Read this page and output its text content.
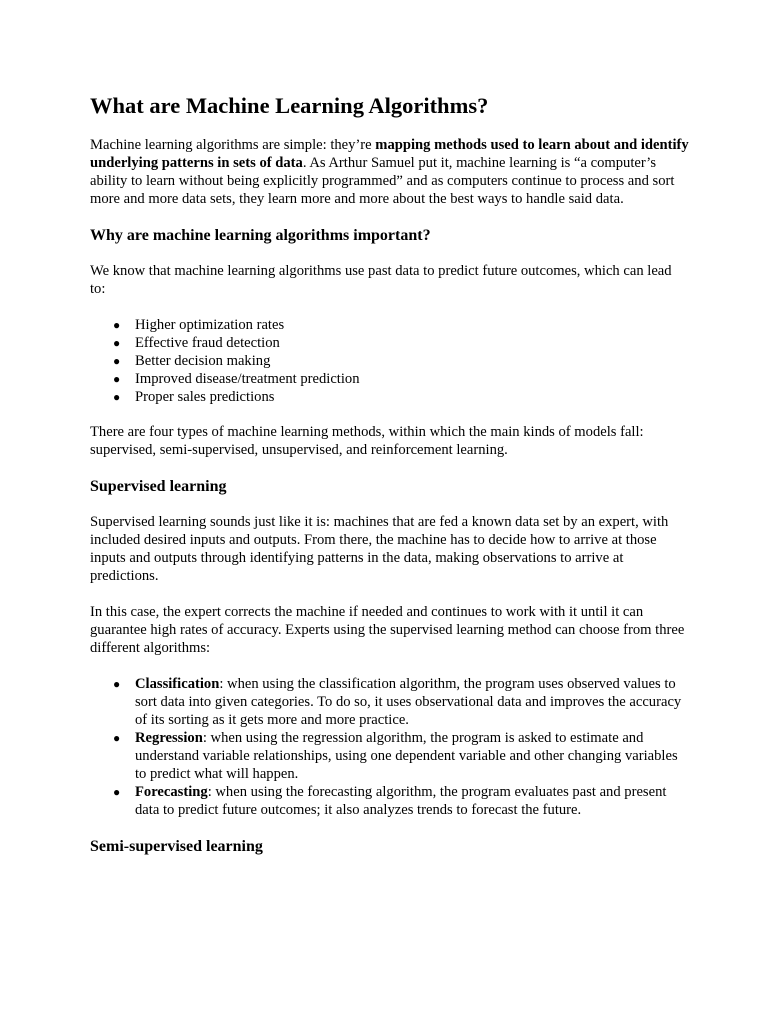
What are Machine Learning Algorithms?

Machine learning algorithms are simple: they’re mapping methods used to learn about and identify underlying patterns in sets of data. As Arthur Samuel put it, machine learning is “a computer’s ability to learn without being explicitly programmed” and as computers continue to process and sort more and more data sets, they learn more and more about the best ways to handle said data.

Why are machine learning algorithms important?

We know that machine learning algorithms use past data to predict future outcomes, which can lead to:

● Higher optimization rates
● Effective fraud detection
● Better decision making
● Improved disease/treatment prediction
● Proper sales predictions

There are four types of machine learning methods, within which the main kinds of models fall: supervised, semi-supervised, unsupervised, and reinforcement learning.

Supervised learning

Supervised learning sounds just like it is: machines that are fed a known data set by an expert, with included desired inputs and outputs. From there, the machine has to decide how to arrive at those inputs and outputs through identifying patterns in the data, making observations to arrive at predictions.

In this case, the expert corrects the machine if needed and continues to work with it until it can guarantee high rates of accuracy. Experts using the supervised learning method can choose from three different algorithms:

● Classification: when using the classification algorithm, the program uses observed values to sort data into given categories. To do so, it uses observational data and improves the accuracy of its sorting as it gets more and more practice.
● Regression: when using the regression algorithm, the program is asked to estimate and understand variable relationships, using one dependent variable and other changing variables to predict what will happen.
● Forecasting: when using the forecasting algorithm, the program evaluates past and present data to predict future outcomes; it also analyzes trends to forecast the future.
Semi-supervised learning
